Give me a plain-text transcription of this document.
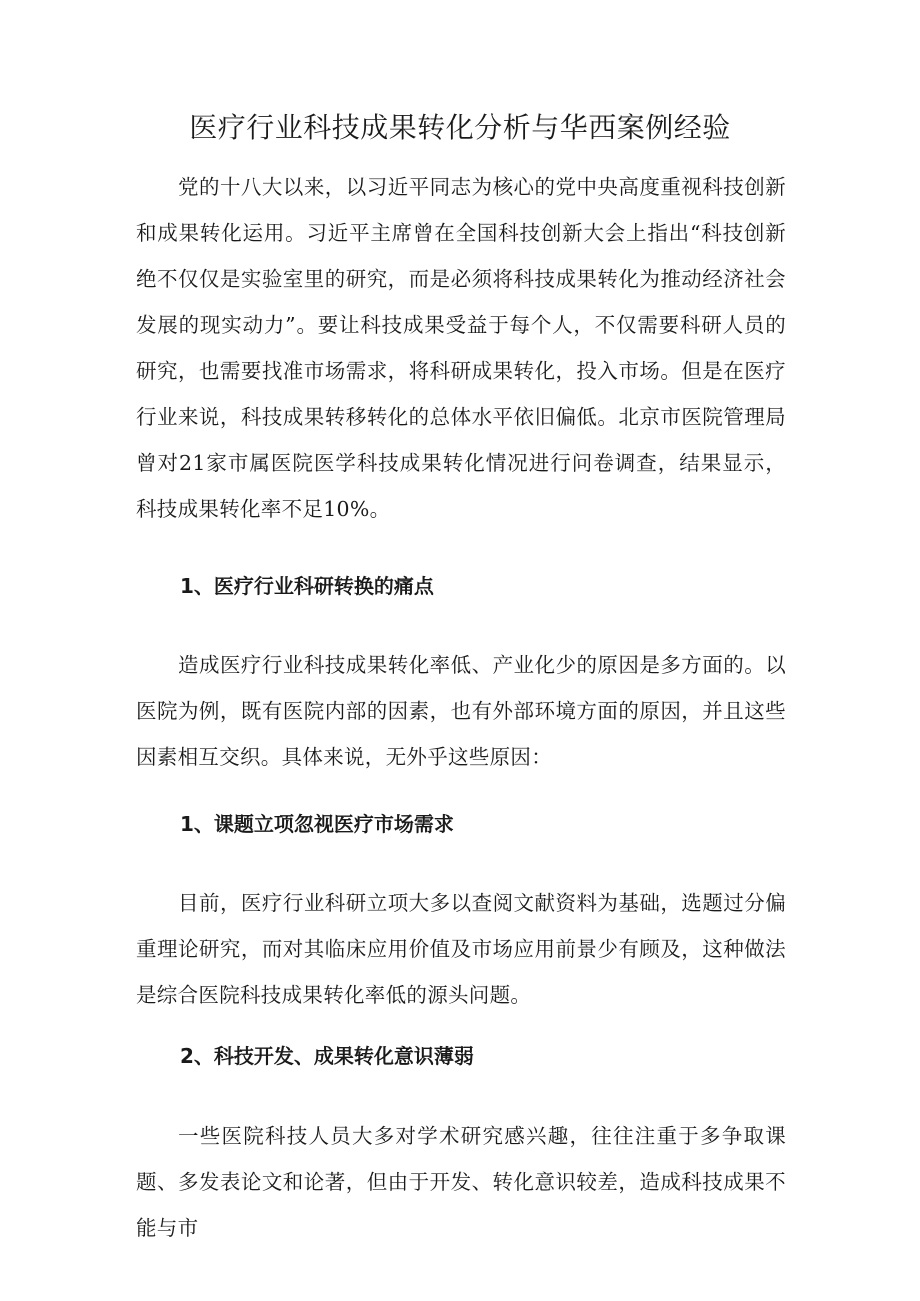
医疗行业科技成果转化分析与华西案例经验

党的十八大以来，以习近平同志为核心的党中央高度重视科技创新和成果转化运用。习近平主席曾在全国科技创新大会上指出“科技创新绝不仅仅是实验室里的研究，而是必须将科技成果转化为推动经济社会发展的现实动力”。要让科技成果受益于每个人，不仅需要科研人员的研究，也需要找准市场需求，将科研成果转化，投入市场。但是在医疗行业来说，科技成果转移转化的总体水平依旧偏低。北京市医院管理局曾对21家市属医院医学科技成果转化情况进行问卷调查，结果显示，科技成果转化率不足10%。

1、医疗行业科研转换的痛点

造成医疗行业科技成果转化率低、产业化少的原因是多方面的。以医院为例，既有医院内部的因素，也有外部环境方面的原因，并且这些因素相互交织。具体来说，无外乎这些原因：

1、课题立项忽视医疗市场需求

目前，医疗行业科研立项大多以查阅文献资料为基础，选题过分偏重理论研究，而对其临床应用价值及市场应用前景少有顾及，这种做法是综合医院科技成果转化率低的源头问题。

2、科技开发、成果转化意识薄弱

一些医院科技人员大多对学术研究感兴趣，往往注重于多争取课题、多发表论文和论著，但由于开发、转化意识较差，造成科技成果不能与市
